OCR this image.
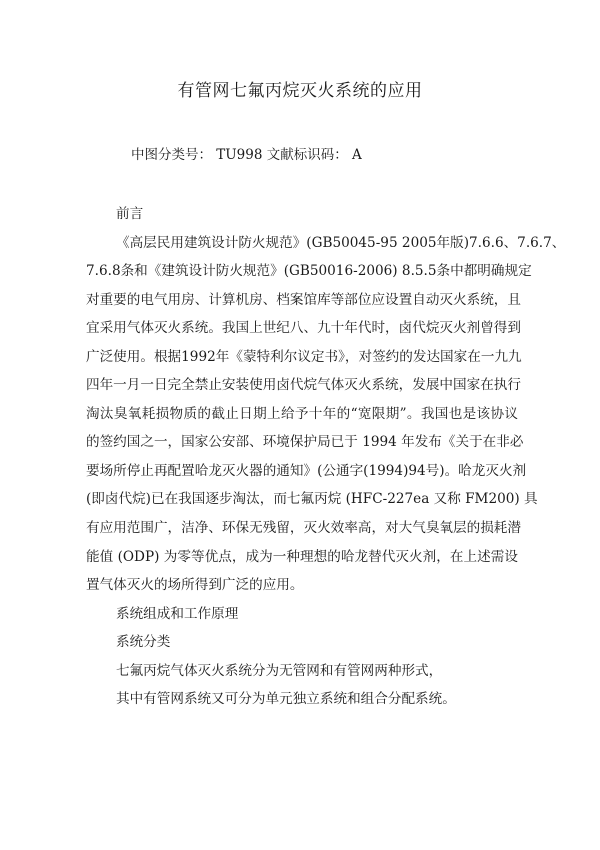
有管网七氟丙烷灭火系统的应用
中图分类号： TU998 文献标识码： A
前言
《高层民用建筑设计防火规范》(GB50045-95 2005年版)7.6.6、7.6.7、
7.6.8条和《建筑设计防火规范》(GB50016-2006) 8.5.5条中都明确规定
对重要的电气用房、计算机房、档案馆库等部位应设置自动灭火系统，且
宜采用气体灭火系统。我国上世纪八、九十年代时，卤代烷灭火剂曾得到
广泛使用。根据1992年《蒙特利尔议定书》，对签约的发达国家在一九九
四年一月一日完全禁止安装使用卤代烷气体灭火系统，发展中国家在执行
淘汰臭氧耗损物质的截止日期上给予十年的“宽限期”。我国也是该协议
的签约国之一，国家公安部、环境保护局已于 1994 年发布《关于在非必
要场所停止再配置哈龙灭火器的通知》(公通字(1994)94号)。哈龙灭火剂
(即卤代烷)已在我国逐步淘汰，而七氟丙烷 (HFC-227ea 又称 FM200) 具
有应用范围广，洁净、环保无残留，灭火效率高，对大气臭氧层的损耗潜
能值 (ODP) 为零等优点，成为一种理想的哈龙替代灭火剂，在上述需设
置气体灭火的场所得到广泛的应用。
系统组成和工作原理
系统分类
七氟丙烷气体灭火系统分为无管网和有管网两种形式，
其中有管网系统又可分为单元独立系统和组合分配系统。
